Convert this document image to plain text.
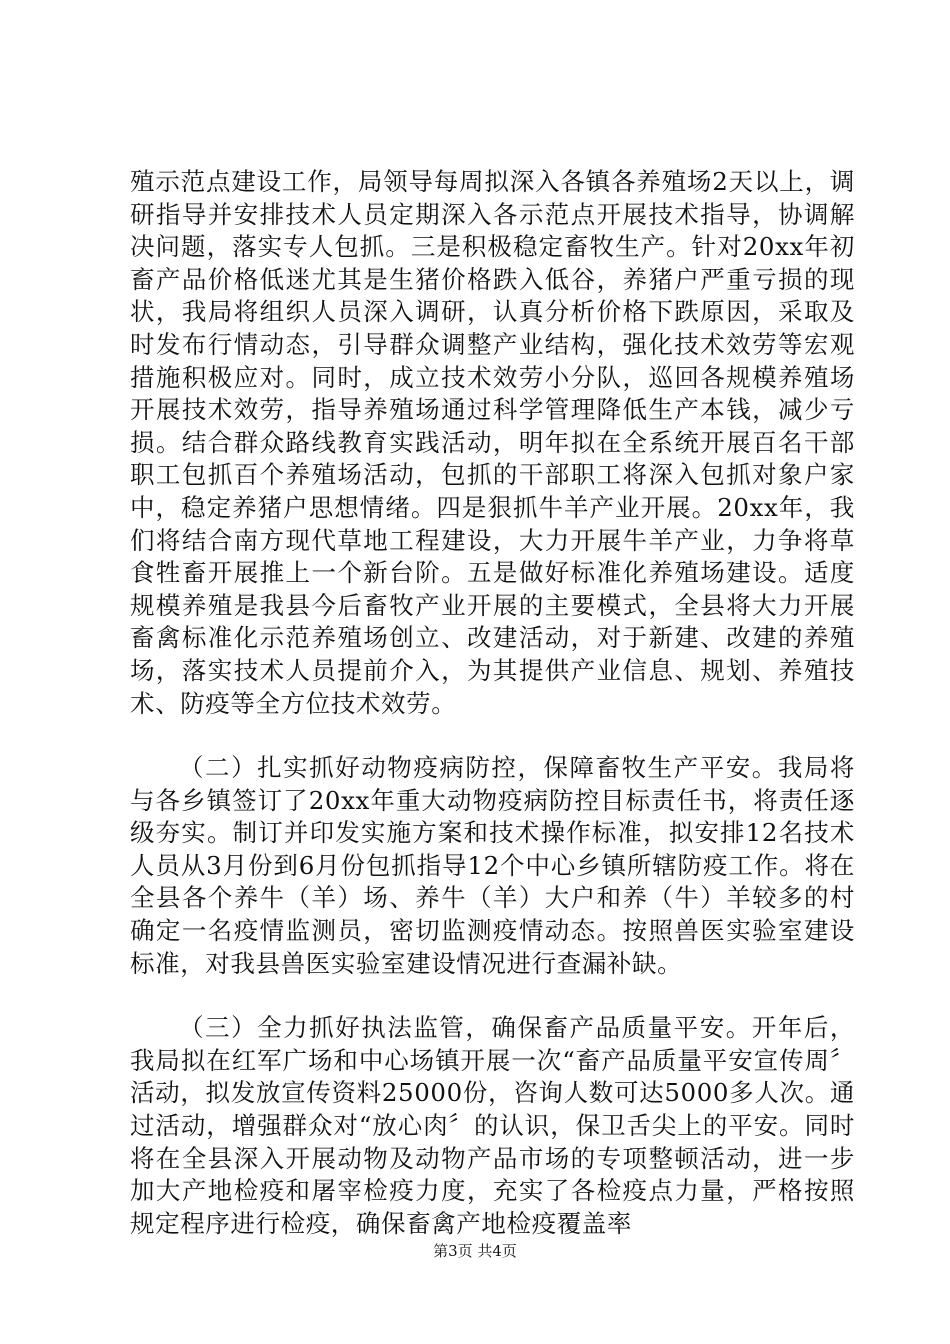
殖示范点建设工作，局领导每周拟深入各镇各养殖场2天以上，调研指导并安排技术人员定期深入各示范点开展技术指导，协调解决问题，落实专人包抓。三是积极稳定畜牧生产。针对20xx年初畜产品价格低迷尤其是生猪价格跌入低谷，养猪户严重亏损的现状，我局将组织人员深入调研，认真分析价格下跌原因，采取及时发布行情动态，引导群众调整产业结构，强化技术效劳等宏观措施积极应对。同时，成立技术效劳小分队，巡回各规模养殖场开展技术效劳，指导养殖场通过科学管理降低生产本钱，减少亏损。结合群众路线教育实践活动，明年拟在全系统开展百名干部职工包抓百个养殖场活动，包抓的干部职工将深入包抓对象户家中，稳定养猪户思想情绪。四是狠抓牛羊产业开展。20xx年，我们将结合南方现代草地工程建设，大力开展牛羊产业，力争将草食牲畜开展推上一个新台阶。五是做好标准化养殖场建设。适度规模养殖是我县今后畜牧产业开展的主要模式，全县将大力开展畜禽标准化示范养殖场创立、改建活动，对于新建、改建的养殖场，落实技术人员提前介入，为其提供产业信息、规划、养殖技术、防疫等全方位技术效劳。

（二）扎实抓好动物疫病防控，保障畜牧生产平安。我局将与各乡镇签订了20xx年重大动物疫病防控目标责任书，将责任逐级夯实。制订并印发实施方案和技术操作标准，拟安排12名技术人员从3月份到6月份包抓指导12个中心乡镇所辖防疫工作。将在全县各个养牛（羊）场、养牛（羊）大户和养（牛）羊较多的村确定一名疫情监测员，密切监测疫情动态。按照兽医实验室建设标准，对我县兽医实验室建设情况进行查漏补缺。

（三）全力抓好执法监管，确保畜产品质量平安。开年后，我局拟在红军广场和中心场镇开展一次“畜产品质量平安宣传周〞活动，拟发放宣传资料25000份，咨询人数可达5000多人次。通过活动，增强群众对“放心肉〞的认识，保卫舌尖上的平安。同时将在全县深入开展动物及动物产品市场的专项整顿活动，进一步加大产地检疫和屠宰检疫力度，充实了各检疫点力量，严格按照规定程序进行检疫，确保畜禽产地检疫覆盖率

第3页 共4页
